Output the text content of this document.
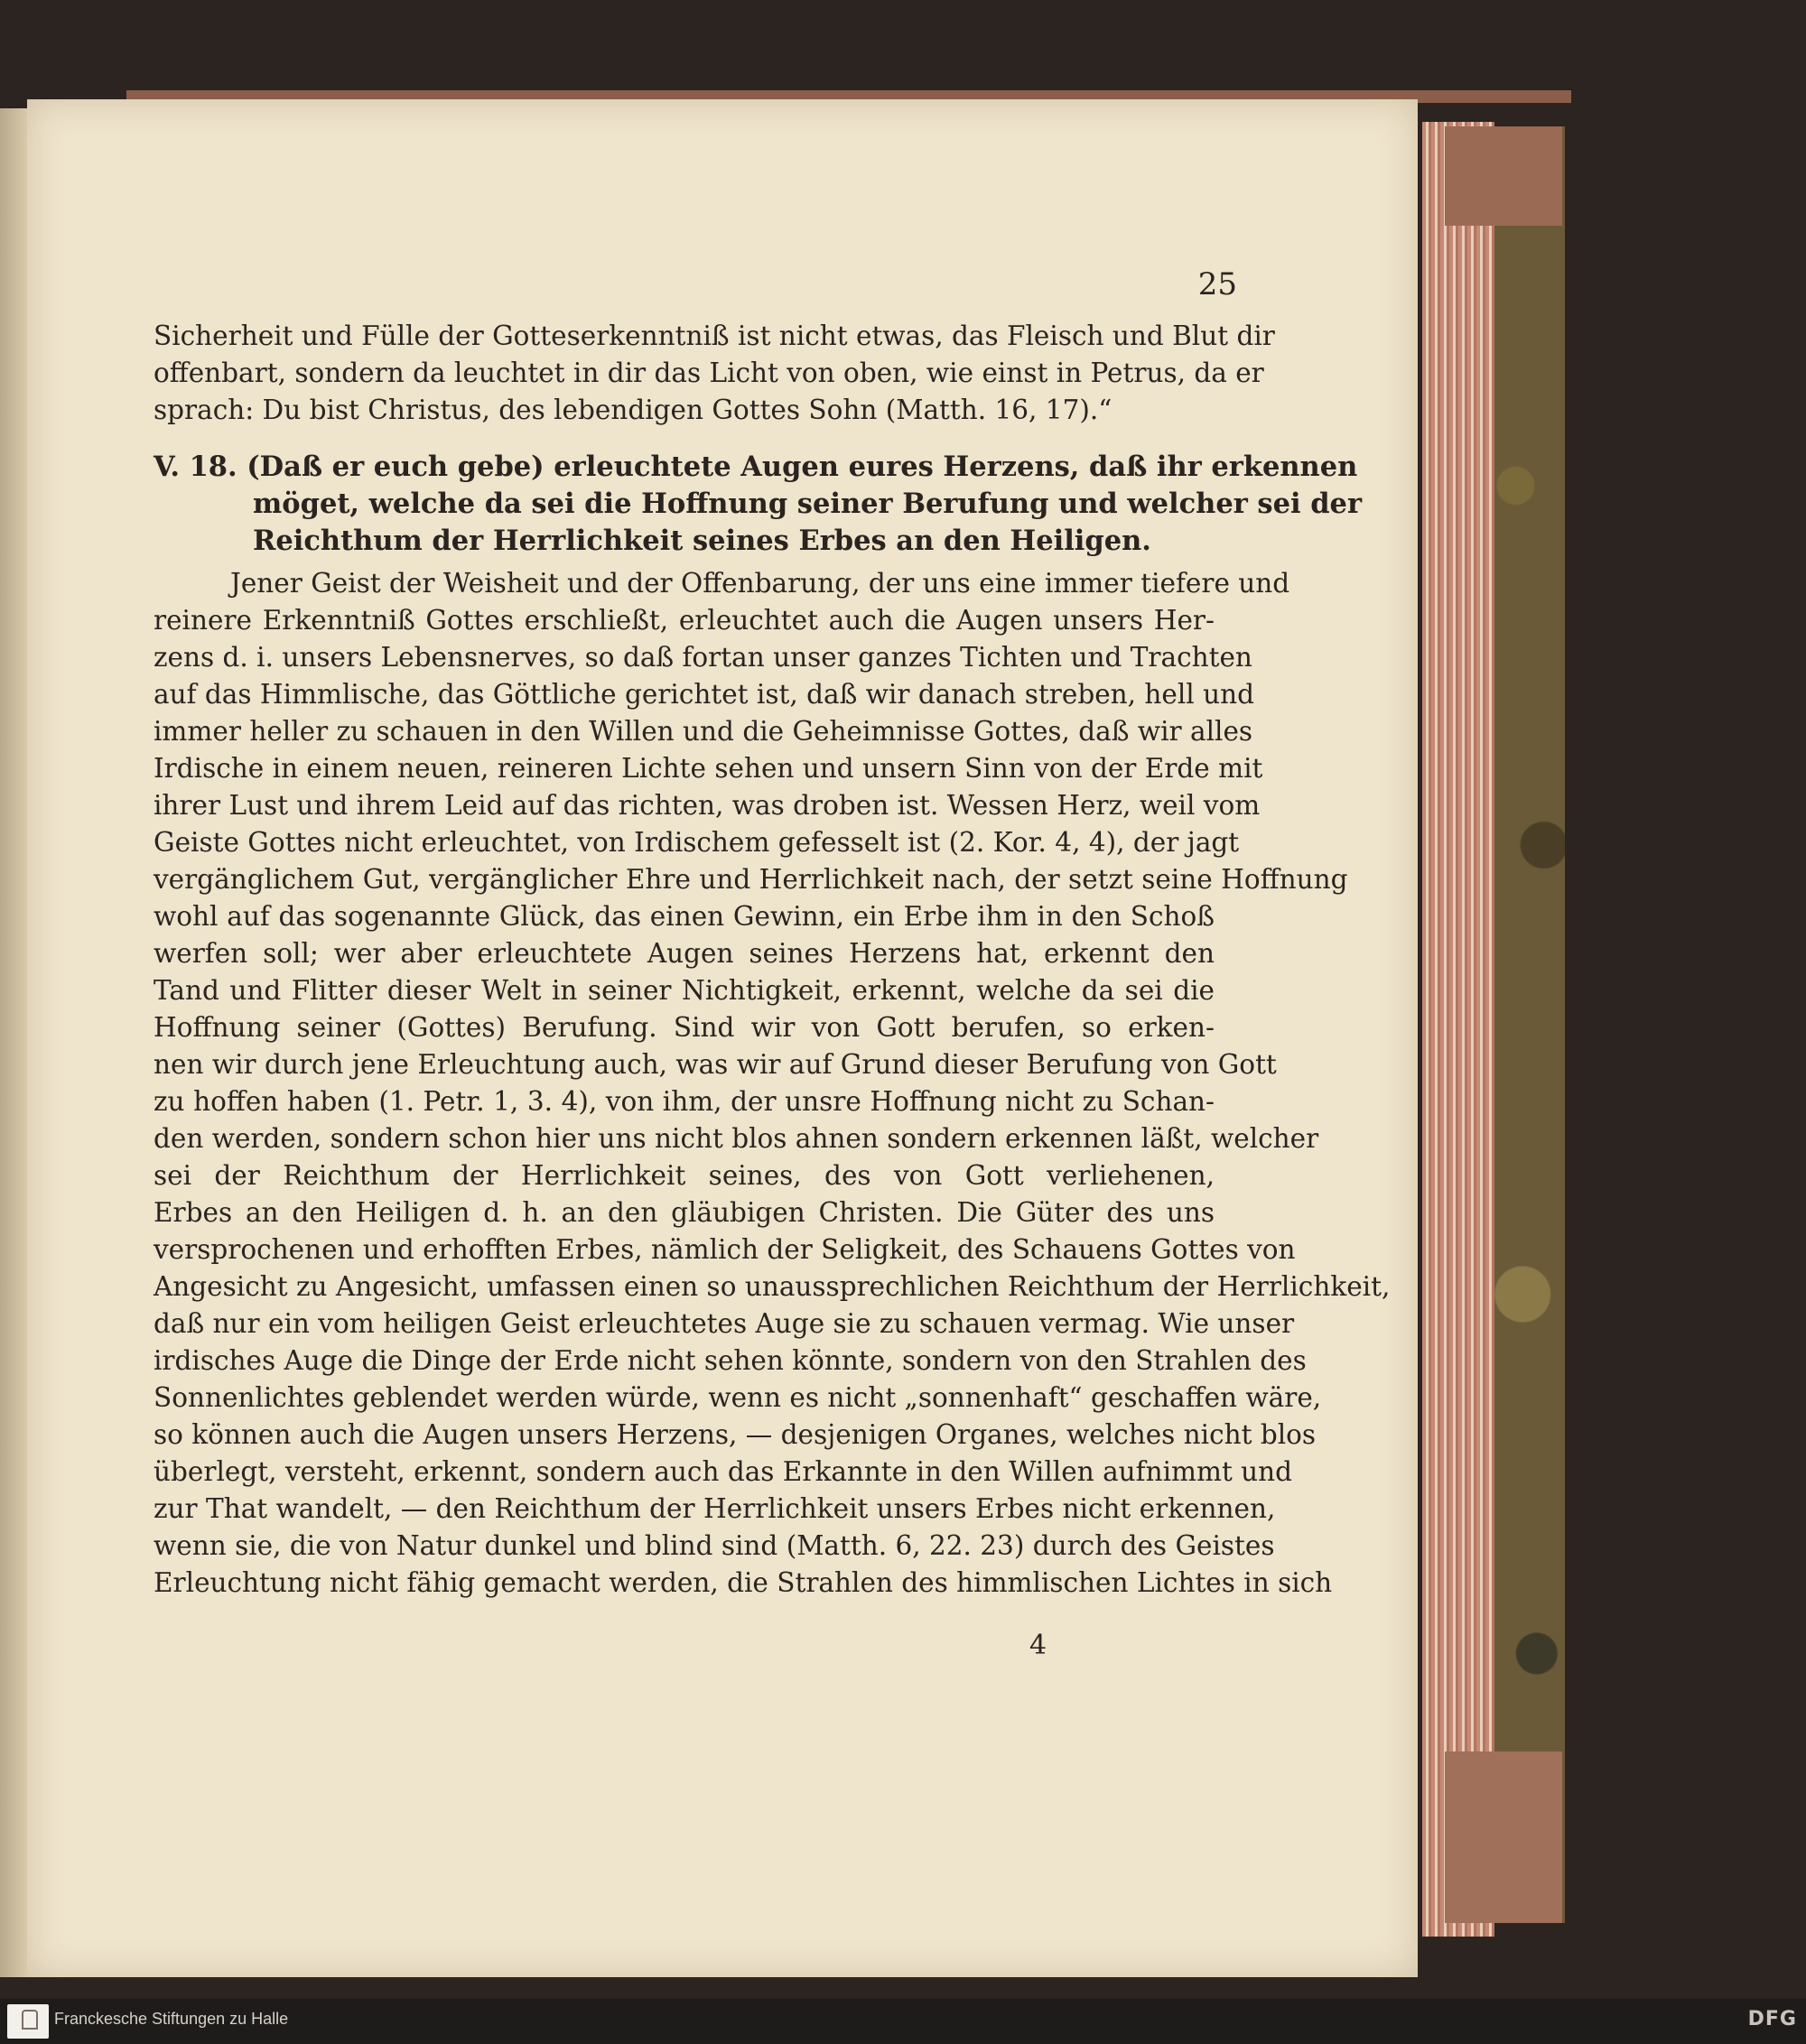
25
Sicherheit und Fülle der Gotteserkenntniß ist nicht etwas, das Fleisch und Blut dir
offenbart, sondern da leuchtet in dir das Licht von oben, wie einst in Petrus, da er
sprach: Du bist Christus, des lebendigen Gottes Sohn (Matth. 16, 17).“
V. 18. (Daß er euch gebe) erleuchtete Augen eures Herzens, daß ihr erkennen
möget, welche da sei die Hoffnung seiner Berufung und welcher sei der
Reichthum der Herrlichkeit seines Erbes an den Heiligen.
Jener Geist der Weisheit und der Offenbarung, der uns eine immer tiefere und
reinere Erkenntniß Gottes erschließt, erleuchtet auch die Augen unsers Her-
zens d. i. unsers Lebensnerves, so daß fortan unser ganzes Tichten und Trachten
auf das Himmlische, das Göttliche gerichtet ist, daß wir danach streben, hell und
immer heller zu schauen in den Willen und die Geheimnisse Gottes, daß wir alles
Irdische in einem neuen, reineren Lichte sehen und unsern Sinn von der Erde mit
ihrer Lust und ihrem Leid auf das richten, was droben ist. Wessen Herz, weil vom
Geiste Gottes nicht erleuchtet, von Irdischem gefesselt ist (2. Kor. 4, 4), der jagt
vergänglichem Gut, vergänglicher Ehre und Herrlichkeit nach, der setzt seine Hoffnung
wohl auf das sogenannte Glück, das einen Gewinn, ein Erbe ihm in den Schoß
werfen soll; wer aber erleuchtete Augen seines Herzens hat, erkennt den
Tand und Flitter dieser Welt in seiner Nichtigkeit, erkennt, welche da sei die
Hoffnung seiner (Gottes) Berufung. Sind wir von Gott berufen, so erken-
nen wir durch jene Erleuchtung auch, was wir auf Grund dieser Berufung von Gott
zu hoffen haben (1. Petr. 1, 3. 4), von ihm, der unsre Hoffnung nicht zu Schan-
den werden, sondern schon hier uns nicht blos ahnen sondern erkennen läßt, welcher
sei der Reichthum der Herrlichkeit seines, des von Gott verliehenen,
Erbes an den Heiligen d. h. an den gläubigen Christen. Die Güter des uns
versprochenen und erhofften Erbes, nämlich der Seligkeit, des Schauens Gottes von
Angesicht zu Angesicht, umfassen einen so unaussprechlichen Reichthum der Herrlichkeit,
daß nur ein vom heiligen Geist erleuchtetes Auge sie zu schauen vermag. Wie unser
irdisches Auge die Dinge der Erde nicht sehen könnte, sondern von den Strahlen des
Sonnenlichtes geblendet werden würde, wenn es nicht „sonnenhaft“ geschaffen wäre,
so können auch die Augen unsers Herzens, — desjenigen Organes, welches nicht blos
überlegt, versteht, erkennt, sondern auch das Erkannte in den Willen aufnimmt und
zur That wandelt, — den Reichthum der Herrlichkeit unsers Erbes nicht erkennen,
wenn sie, die von Natur dunkel und blind sind (Matth. 6, 22. 23) durch des Geistes
Erleuchtung nicht fähig gemacht werden, die Strahlen des himmlischen Lichtes in sich
4
Franckesche Stiftungen zu Halle	DFG
